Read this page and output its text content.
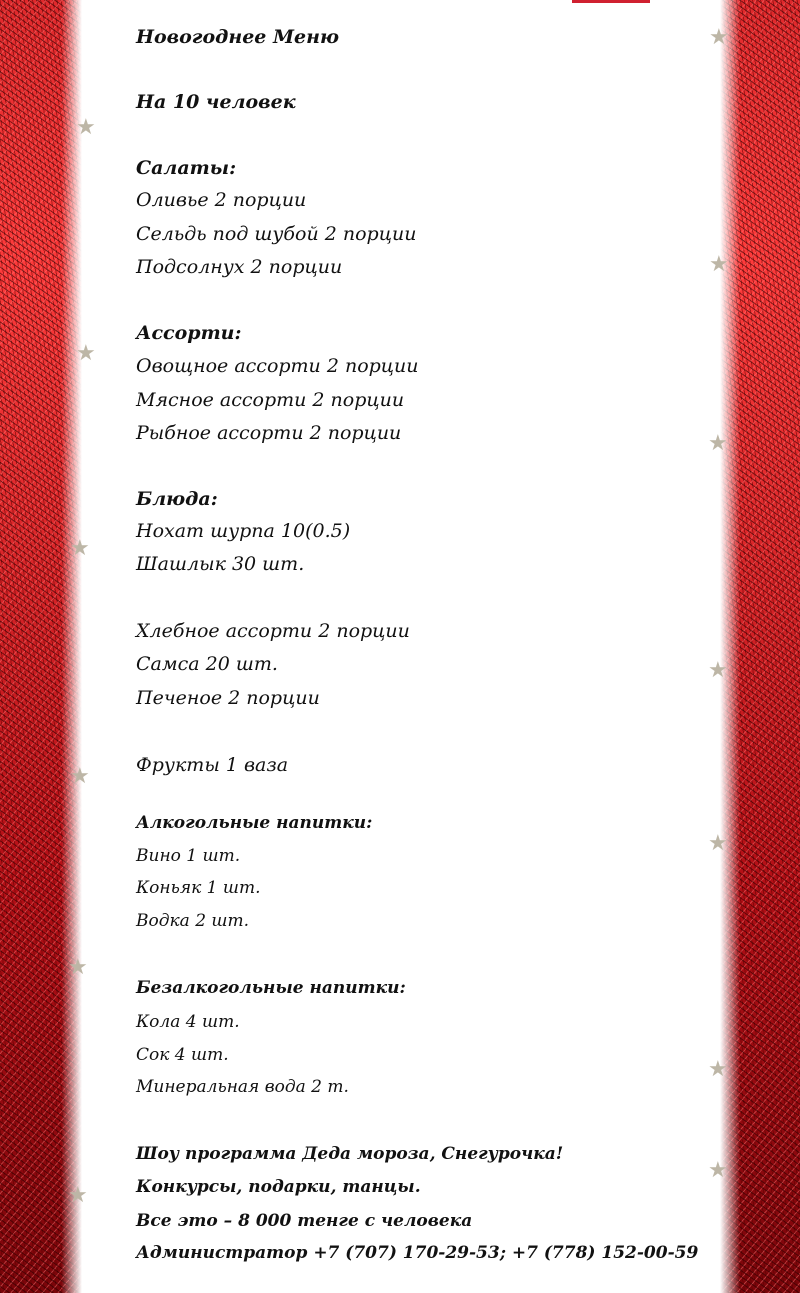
★
★
★
★
★
★
★
★
★
★
★
★
★
Новогоднее Меню
На 10 человек
Салаты:
Оливье 2 порции
Сельдь под шубой 2 порции
Подсолнух 2 порции
Ассорти:
Овощное ассорти 2 порции
Мясное ассорти 2 порции
Рыбное ассорти 2 порции
Блюда:
Нохат шурпа 10(0.5)
Шашлык 30 шт.
Хлебное ассорти 2 порции
Самса 20 шт.
Печеное 2 порции
Фрукты 1 ваза
Алкогольные напитки:
Вино 1 шт.
Коньяк 1 шт.
Водка 2 шт.
Безалкогольные напитки:
Кола 4 шт.
Сок 4 шт.
Минеральная вода 2 т.
Шоу программа Деда мороза, Снегурочка!
Конкурсы, подарки, танцы.
Все это – 8 000 тенге с человека
Администратор +7 (707) 170-29-53; +7 (778) 152-00-59
